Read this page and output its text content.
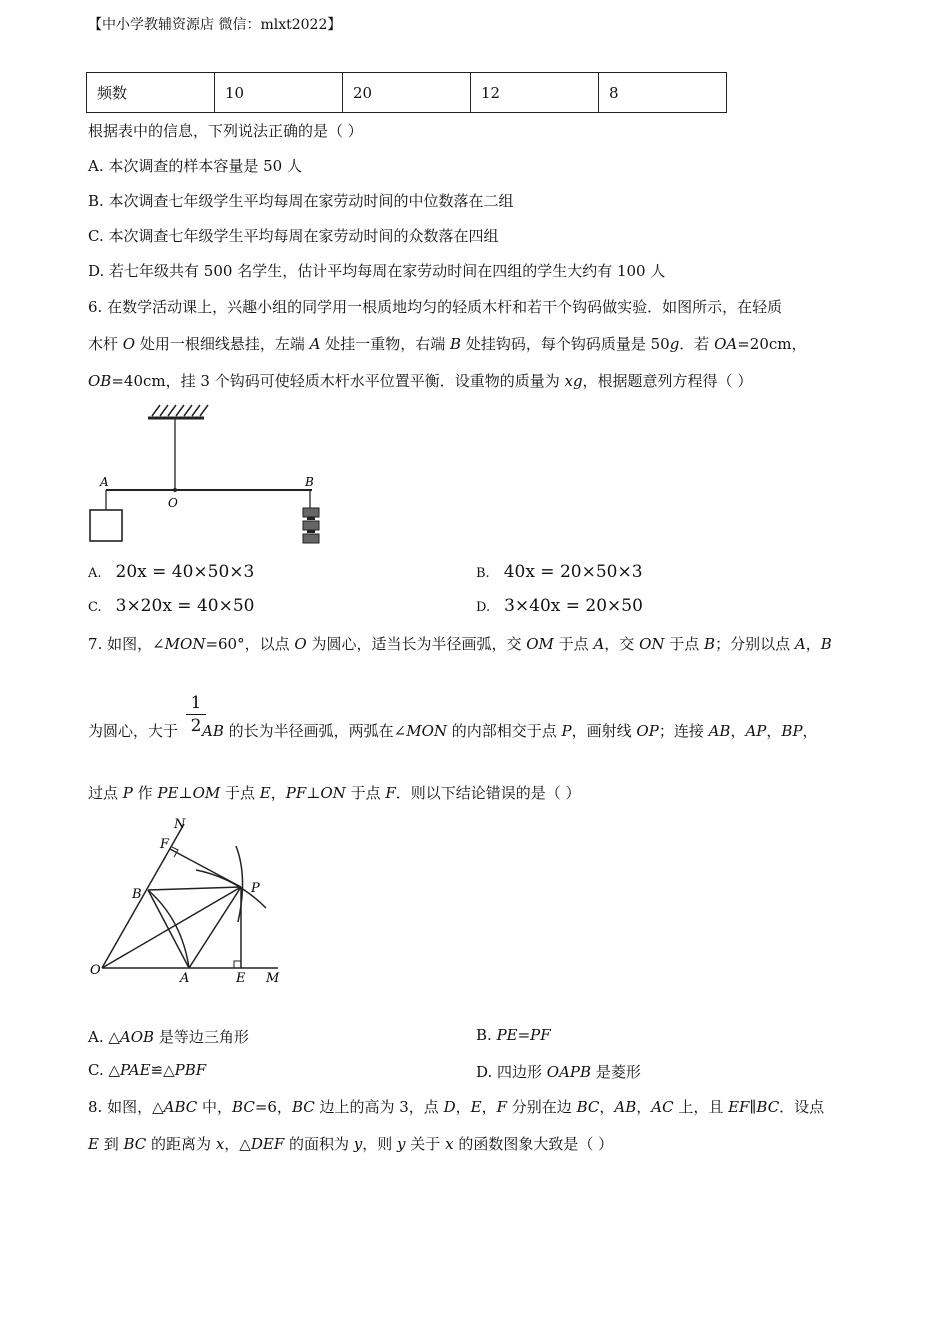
【中小学教辅资源店 微信：mlxt2022】
频数	10	20	12	8
根据表中的信息，下列说法正确的是（ ）
A. 本次调查的样本容量是 50 人
B. 本次调查七年级学生平均每周在家劳动时间的中位数落在二组
C. 本次调查七年级学生平均每周在家劳动时间的众数落在四组
D. 若七年级共有 500 名学生，估计平均每周在家劳动时间在四组的学生大约有 100 人
6. 在数学活动课上，兴趣小组的同学用一根质地均匀的轻质木杆和若干个钩码做实验．如图所示，在轻质
木杆 O 处用一根细线悬挂，左端 A 处挂一重物，右端 B 处挂钩码，每个钩码质量是 50g．若 OA=20cm，
OB=40cm，挂 3 个钩码可使轻质木杆水平位置平衡．设重物的质量为 xg，根据题意列方程得（ ）
A
O
B
A. 20x = 40×50×3	B. 40x = 20×50×3
C. 3×20x = 40×50	D. 3×40x = 20×50
7. 如图，∠MON=60°，以点 O 为圆心，适当长为半径画弧，交 OM 于点 A，交 ON 于点 B；分别以点 A，B
1
2
为圆心，大于 AB 的长为半径画弧，两弧在∠MON 的内部相交于点 P，画射线 OP；连接 AB，AP，BP，
过点 P 作 PE⊥OM 于点 E，PF⊥ON 于点 F．则以下结论错误的是（ ）
N
F
B	P
O
A	E M
A. △AOB 是等边三角形	B. PE=PF
C. △PAE≌△PBF	D. 四边形 OAPB 是菱形
8. 如图，△ABC 中，BC=6，BC 边上的高为 3，点 D，E，F 分别在边 BC，AB，AC 上，且 EF∥BC．设点
E 到 BC 的距离为 x，△DEF 的面积为 y，则 y 关于 x 的函数图象大致是（ ）
